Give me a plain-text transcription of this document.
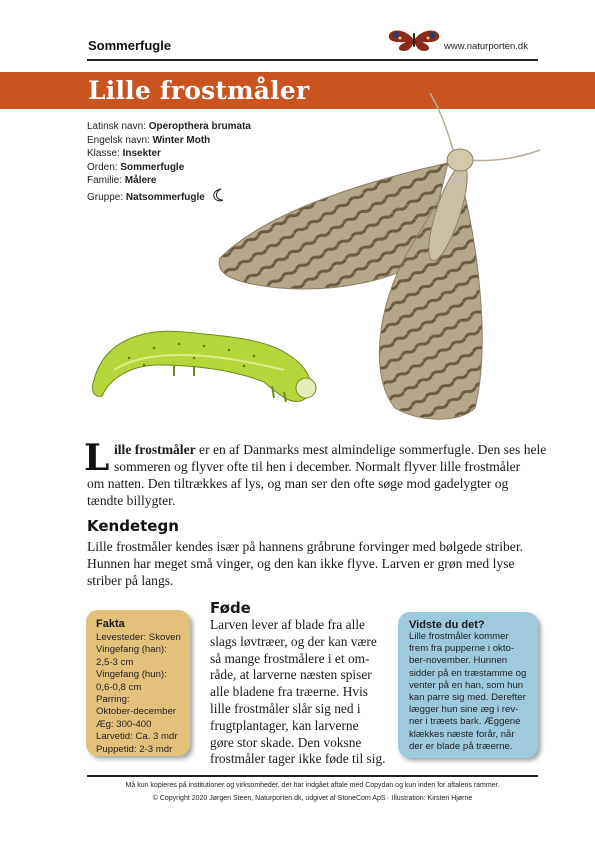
Sommerfugle	www.naturporten.dk
Lille frostmåler
Latinsk navn: Operopthera brumata
Engelsk navn: Winter Moth
Klasse: Insekter
Orden: Sommerfugle
Familie: Målere
Gruppe: Natsommerfugle
L ille frostmåler er en af Danmarks mest almindelige sommerfugle. Den ses hele
sommeren og flyver ofte til hen i december. Normalt flyver lille frostmåler
om natten. Den tiltrækkes af lys, og man ser den ofte søge mod gadelygter og
tændte billygter.
Kendetegn
Lille frostmåler kendes især på hannens gråbrune forvinger med bølgede striber.
Hunnen har meget små vinger, og den kan ikke flyve. Larven er grøn med lyse
striber på langs.
Fakta
Levesteder: Skoven
Vingefang (han):
2,5-3 cm
Vingefang (hun):
0,6-0,8 cm
Parring:
Oktober-december
Æg: 300-400
Larvetid: Ca. 3 mdr
Puppetid: 2-3 mdr
Føde
Larven lever af blade fra alle
slags løvtræer, og der kan være
så mange frostmålere i et om-
råde, at larverne næsten spiser
alle bladene fra træerne. Hvis
lille frostmåler slår sig ned i
frugtplantager, kan larverne
gøre stor skade. Den voksne
frostmåler tager ikke føde til sig.
Vidste du det?
Lille frostmåler kommer
frem fra pupperne i okto-
ber-november. Hunnen
sidder på en træstamme og
venter på en han, som hun
kan parre sig med. Derefter
lægger hun sine æg i rev-
ner i træets bark. Æggene
klækkes næste forår, når
der er blade på træerne.
Må kun kopieres på institutioner og virksomheder, der har indgået aftale med Copydan og kun inden for aftalens rammer.
© Copyright 2020 Jørgen Steen, Naturporten.dk, udgivet af StoneCom ApS · Illustration: Kirsten Hjørne
